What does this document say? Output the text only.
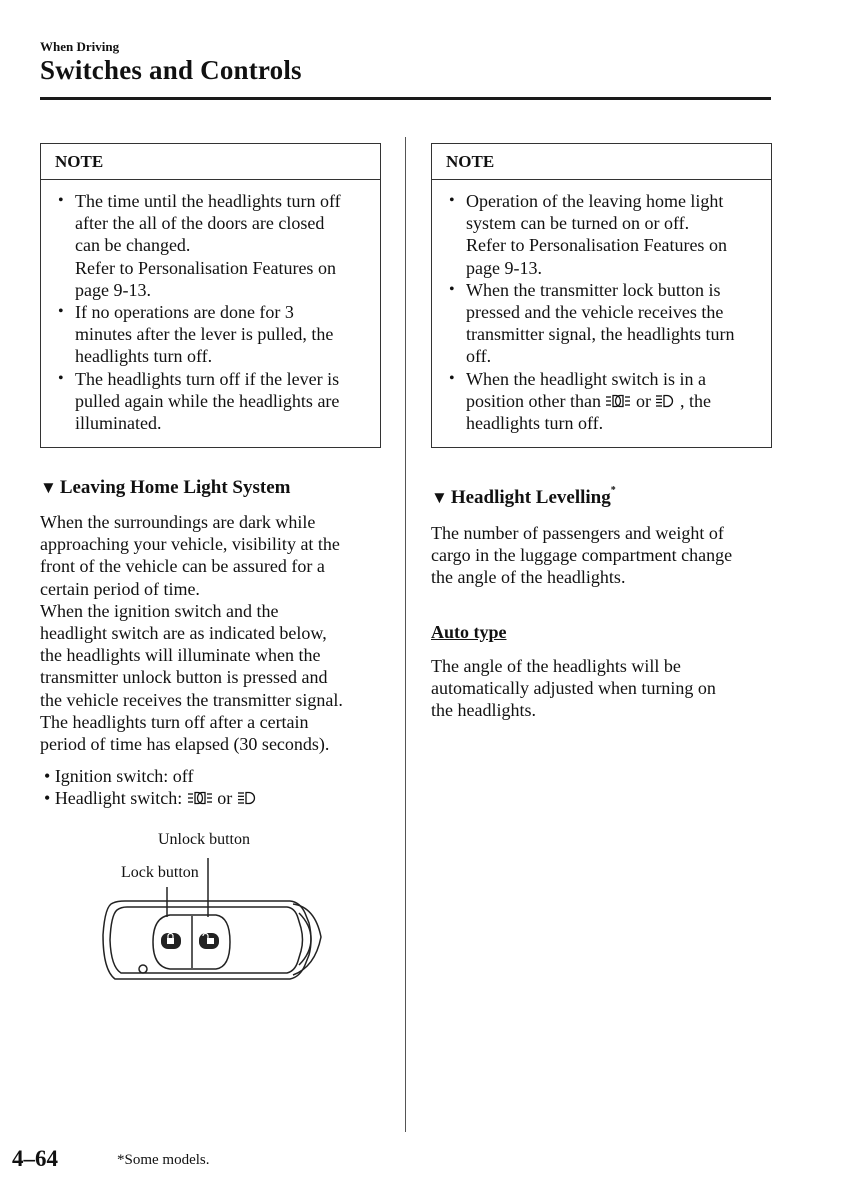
When Driving
Switches and Controls
NOTE
• The time until the headlights turn off

after the all of the doors are closed

can be changed.

Refer to Personalisation Features on

page 9-13.

• If no operations are done for 3

minutes after the lever is pulled, the

headlights turn off.

• The headlights turn off if the lever is

pulled again while the headlights are

illuminated.

NOTE
• Operation of the leaving home light

system can be turned on or off.

Refer to Personalisation Features on

page 9-13.

• When the transmitter lock button is

pressed and the vehicle receives the

transmitter signal, the headlights turn

off.

• When the headlight switch is in a

position other than  or  , the

headlights turn off.

▼ Leaving Home Light System

When the surroundings are dark while

approaching your vehicle, visibility at the

front of the vehicle can be assured for a

certain period of time.

When the ignition switch and the

headlight switch are as indicated below,

the headlights will illuminate when the

transmitter unlock button is pressed and

the vehicle receives the transmitter signal.

The headlights turn off after a certain

period of time has elapsed (30 seconds).

• Ignition switch: off
• Headlight switch:  or
Unlock button
Lock button
▼ Headlight Levelling*

The number of passengers and weight of

cargo in the luggage compartment change

the angle of the headlights.

Auto type

The angle of the headlights will be

automatically adjusted when turning on

the headlights.

4–64	*Some models.
